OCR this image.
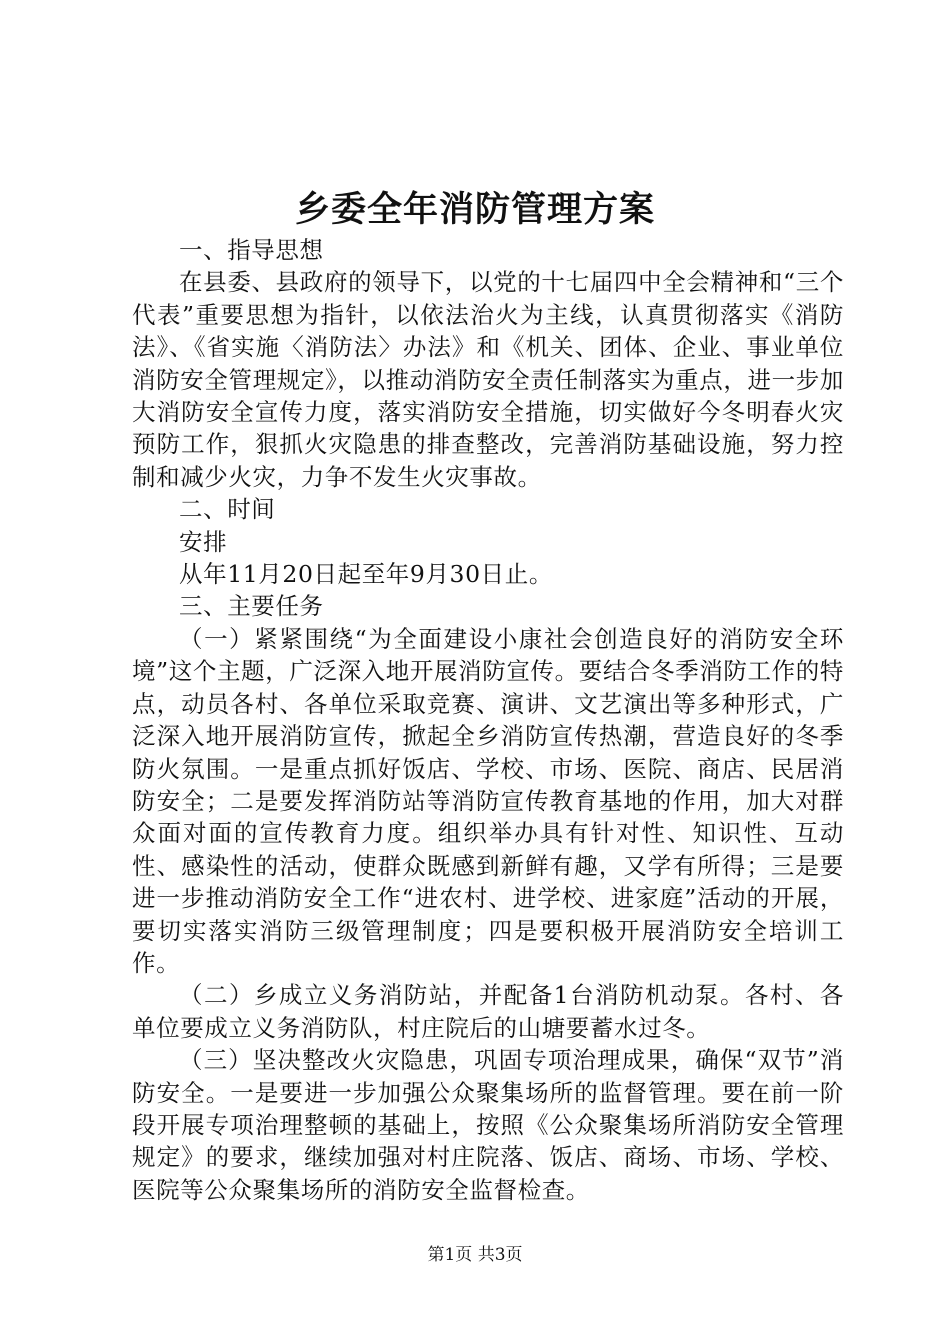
乡委全年消防管理方案

一、指导思想

在县委、县政府的领导下，以党的十七届四中全会精神和“三个代表”重要思想为指针，以依法治火为主线，认真贯彻落实《消防法》、《省实施〈消防法〉办法》和《机关、团体、企业、事业单位消防安全管理规定》，以推动消防安全责任制落实为重点，进一步加大消防安全宣传力度，落实消防安全措施，切实做好今冬明春火灾预防工作，狠抓火灾隐患的排查整改，完善消防基础设施，努力控制和减少火灾，力争不发生火灾事故。

二、时间

安排

从年11月20日起至年9月30日止。

三、主要任务

（一）紧紧围绕“为全面建设小康社会创造良好的消防安全环境”这个主题，广泛深入地开展消防宣传。要结合冬季消防工作的特点，动员各村、各单位采取竞赛、演讲、文艺演出等多种形式，广泛深入地开展消防宣传，掀起全乡消防宣传热潮，营造良好的冬季防火氛围。一是重点抓好饭店、学校、市场、医院、商店、民居消防安全；二是要发挥消防站等消防宣传教育基地的作用，加大对群众面对面的宣传教育力度。组织举办具有针对性、知识性、互动性、感染性的活动，使群众既感到新鲜有趣，又学有所得；三是要进一步推动消防安全工作“进农村、进学校、进家庭”活动的开展，要切实落实消防三级管理制度；四是要积极开展消防安全培训工作。

（二）乡成立义务消防站，并配备1台消防机动泵。各村、各单位要成立义务消防队，村庄院后的山塘要蓄水过冬。

（三）坚决整改火灾隐患，巩固专项治理成果，确保“双节”消防安全。一是要进一步加强公众聚集场所的监督管理。要在前一阶段开展专项治理整顿的基础上，按照《公众聚集场所消防安全管理规定》的要求，继续加强对村庄院落、饭店、商场、市场、学校、医院等公众聚集场所的消防安全监督检查。

第1页 共3页
